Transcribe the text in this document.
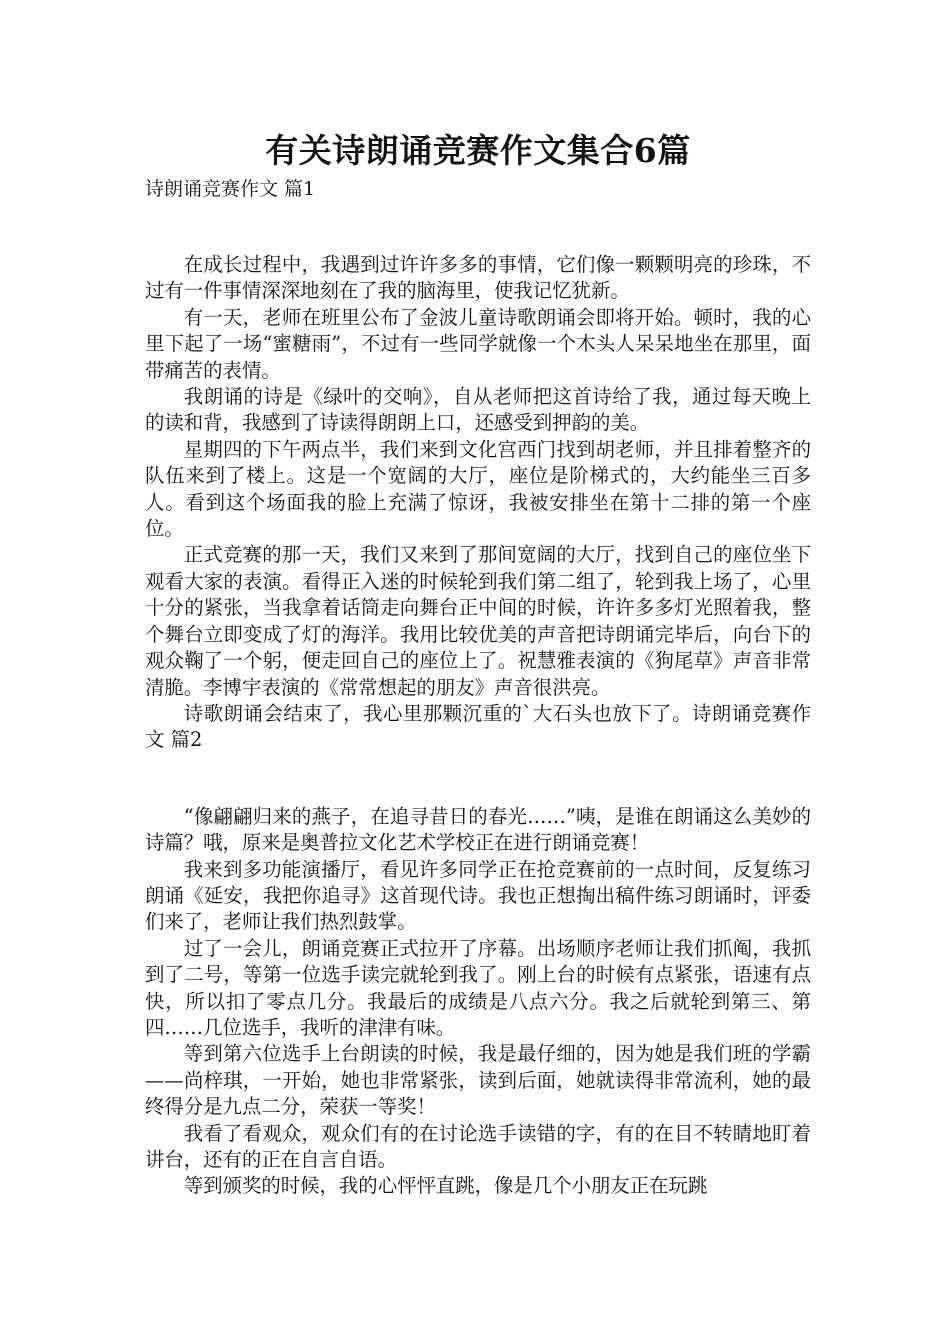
有关诗朗诵竞赛作文集合6篇

诗朗诵竞赛作文 篇1

在成长过程中，我遇到过许许多多的事情，它们像一颗颗明亮的珍珠，不过有一件事情深深地刻在了我的脑海里，使我记忆犹新。

有一天，老师在班里公布了金波儿童诗歌朗诵会即将开始。顿时，我的心里下起了一场“蜜糖雨”，不过有一些同学就像一个木头人呆呆地坐在那里，面带痛苦的表情。

我朗诵的诗是《绿叶的交响》，自从老师把这首诗给了我，通过每天晚上的读和背，我感到了诗读得朗朗上口，还感受到押韵的美。

星期四的下午两点半，我们来到文化宫西门找到胡老师，并且排着整齐的队伍来到了楼上。这是一个宽阔的大厅，座位是阶梯式的，大约能坐三百多人。看到这个场面我的脸上充满了惊讶，我被安排坐在第十二排的第一个座位。

正式竞赛的那一天，我们又来到了那间宽阔的大厅，找到自己的座位坐下观看大家的表演。看得正入迷的时候轮到我们第二组了，轮到我上场了，心里十分的紧张，当我拿着话筒走向舞台正中间的时候，许许多多灯光照着我，整个舞台立即变成了灯的海洋。我用比较优美的声音把诗朗诵完毕后，向台下的观众鞠了一个躬，便走回自己的座位上了。祝慧雅表演的《狗尾草》声音非常清脆。李博宇表演的《常常想起的朋友》声音很洪亮。

诗歌朗诵会结束了，我心里那颗沉重的`大石头也放下了。诗朗诵竞赛作文 篇2

“像翩翩归来的燕子，在追寻昔日的春光……”咦，是谁在朗诵这么美妙的诗篇？哦，原来是奥普拉文化艺术学校正在进行朗诵竞赛！

我来到多功能演播厅，看见许多同学正在抢竞赛前的一点时间，反复练习朗诵《延安，我把你追寻》这首现代诗。我也正想掏出稿件练习朗诵时，评委们来了，老师让我们热烈鼓掌。

过了一会儿，朗诵竞赛正式拉开了序幕。出场顺序老师让我们抓阄，我抓到了二号，等第一位选手读完就轮到我了。刚上台的时候有点紧张，语速有点快，所以扣了零点几分。我最后的成绩是八点六分。我之后就轮到第三、第四……几位选手，我听的津津有味。

等到第六位选手上台朗读的时候，我是最仔细的，因为她是我们班的学霸——尚梓琪，一开始，她也非常紧张，读到后面，她就读得非常流利，她的最终得分是九点二分，荣获一等奖！

我看了看观众，观众们有的在讨论选手读错的字，有的在目不转睛地盯着讲台，还有的正在自言自语。

等到颁奖的时候，我的心怦怦直跳，像是几个小朋友正在玩跳
